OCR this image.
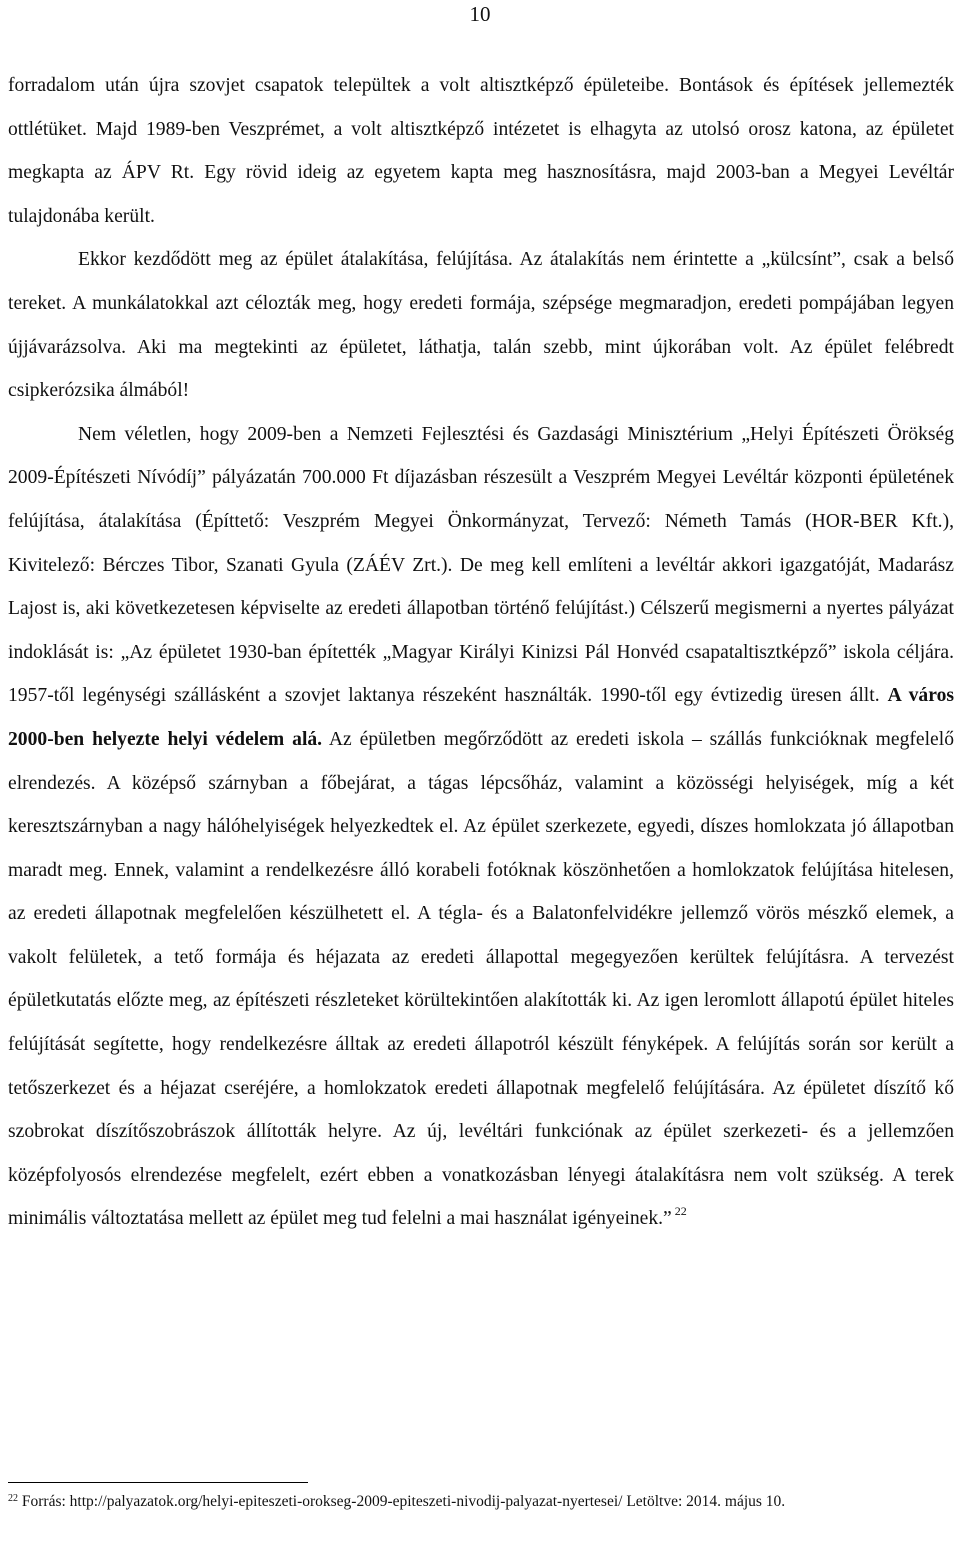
10

forradalom után újra szovjet csapatok települtek a volt altisztképző épületeibe. Bontások és építések jellemezték ottlétüket. Majd 1989-ben Veszprémet, a volt altisztképző intézetet is elhagyta az utolsó orosz katona, az épületet megkapta az ÁPV Rt. Egy rövid ideig az egyetem kapta meg hasznosításra, majd 2003-ban a Megyei Levéltár tulajdonába került.

Ekkor kezdődött meg az épület átalakítása, felújítása. Az átalakítás nem érintette a „külcsínt”, csak a belső tereket. A munkálatokkal azt célozták meg, hogy eredeti formája, szépsége megmaradjon, eredeti pompájában legyen újjávarázsolva. Aki ma megtekinti az épületet, láthatja, talán szebb, mint újkorában volt. Az épület felébredt csipkerózsika álmából!

Nem véletlen, hogy 2009-ben a Nemzeti Fejlesztési és Gazdasági Minisztérium „Helyi Építészeti Örökség 2009-Építészeti Nívódíj” pályázatán 700.000 Ft díjazásban részesült a Veszprém Megyei Levéltár központi épületének felújítása, átalakítása (Építtető: Veszprém Megyei Önkormányzat, Tervező: Németh Tamás (HOR-BER Kft.), Kivitelező: Bérczes Tibor, Szanati Gyula (ZÁÉV Zrt.). De meg kell említeni a levéltár akkori igazgatóját, Madarász Lajost is, aki következetesen képviselte az eredeti állapotban történő felújítást.) Célszerű megismerni a nyertes pályázat indoklását is: „Az épületet 1930-ban építették „Magyar Királyi Kinizsi Pál Honvéd csapataltisztképző” iskola céljára. 1957-től legénységi szállásként a szovjet laktanya részeként használták. 1990-től egy évtizedig üresen állt. A város 2000-ben helyezte helyi védelem alá. Az épületben megőrződött az eredeti iskola – szállás funkcióknak megfelelő elrendezés. A középső szárnyban a főbejárat, a tágas lépcsőház, valamint a közösségi helyiségek, míg a két keresztszárnyban a nagy hálóhelyiségek helyezkedtek el. Az épület szerkezete, egyedi, díszes homlokzata jó állapotban maradt meg. Ennek, valamint a rendelkezésre álló korabeli fotóknak köszönhetően a homlokzatok felújítása hitelesen, az eredeti állapotnak megfelelően készülhetett el. A tégla- és a Balatonfelvidékre jellemző vörös mészkő elemek, a vakolt felületek, a tető formája és héjazata az eredeti állapottal megegyezően kerültek felújításra. A tervezést épületkutatás előzte meg, az építészeti részleteket körültekintően alakították ki. Az igen leromlott állapotú épület hiteles felújítását segítette, hogy rendelkezésre álltak az eredeti állapotról készült fényképek. A felújítás során sor került a tetőszerkezet és a héjazat cseréjére, a homlokzatok eredeti állapotnak megfelelő felújítására. Az épületet díszítő kő szobrokat díszítőszobrászok állították helyre. Az új, levéltári funkciónak az épület szerkezeti- és a jellemzően középfolyosós elrendezése megfelelt, ezért ebben a vonatkozásban lényegi átalakításra nem volt szükség. A terek minimális változtatása mellett az épület meg tud felelni a mai használat igényeinek.” $^{22}$

$^{22}$ Forrás: http://palyazatok.org/helyi-epiteszeti-orokseg-2009-epiteszeti-nivodij-palyazat-nyertesei/ Letöltve: 2014. május 10.
